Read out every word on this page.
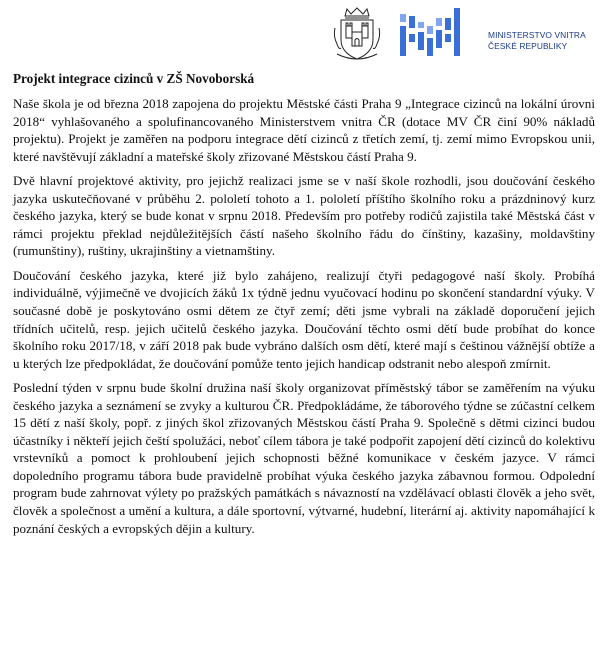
MINISTERSTVO VNITRA
ČESKÉ REPUBLIKY
Projekt integrace cizinců v ZŠ Novoborská

Naše škola je od března 2018 zapojena do projektu Městské části Praha 9 „Integrace cizinců na lokální úrovni 2018“ vyhlašovaného a spolufinancovaného Ministerstvem vnitra ČR (dotace MV ČR činí 90% nákladů projektu). Projekt je zaměřen na podporu integrace dětí cizinců z třetích zemí, tj. zemí mimo Evropskou unii, které navštěvují základní a mateřské školy zřizované Městskou částí Praha 9.

Dvě hlavní projektové aktivity, pro jejichž realizaci jsme se v naší škole rozhodli, jsou doučování českého jazyka uskutečňované v průběhu 2. pololetí tohoto a 1. pololetí příštího školního roku a prázdninový kurz českého jazyka, který se bude konat v srpnu 2018. Především pro potřeby rodičů zajistila také Městská část v rámci projektu překlad nejdůležitějších částí našeho školního řádu do čínštiny, kazašiny, moldavštiny (rumunštiny), ruštiny, ukrajinštiny a vietnamštiny.

Doučování českého jazyka, které již bylo zahájeno, realizují čtyři pedagogové naší školy. Probíhá individuálně, výjimečně ve dvojicích žáků 1x týdně jednu vyučovací hodinu po skončení standardní výuky. V současné době je poskytováno osmi dětem ze čtyř zemí; děti jsme vybrali na základě doporučení jejich třídních učitelů, resp. jejich učitelů českého jazyka. Doučování těchto osmi dětí bude probíhat do konce školního roku 2017/18, v září 2018 pak bude vybráno dalších osm dětí, které mají s češtinou vážnější obtíže a u kterých lze předpokládat, že doučování pomůže tento jejich handicap odstranit nebo alespoň zmírnit.

Poslední týden v srpnu bude školní družina naší školy organizovat příměstský tábor se zaměřením na výuku českého jazyka a seznámení se zvyky a kulturou ČR. Předpokládáme, že táborového týdne se zúčastní celkem 15 dětí z naší školy, popř. z jiných škol zřizovaných Městskou částí Praha 9. Společně s dětmi cizinci budou účastníky i někteří jejich čeští spolužáci, neboť cílem tábora je také podpořit zapojení dětí cizinců do kolektivu vrstevníků a pomoct k prohloubení jejich schopnosti běžné komunikace v českém jazyce. V rámci dopoledního programu tábora bude pravidelně probíhat výuka českého jazyka zábavnou formou. Odpolední program bude zahrnovat výlety po pražských památkách s návazností na vzdělávací oblasti člověk a jeho svět, člověk a společnost a umění a kultura, a dále sportovní, výtvarné, hudební, literární aj. aktivity napomáhající k poznání českých a evropských dějin a kultury.
